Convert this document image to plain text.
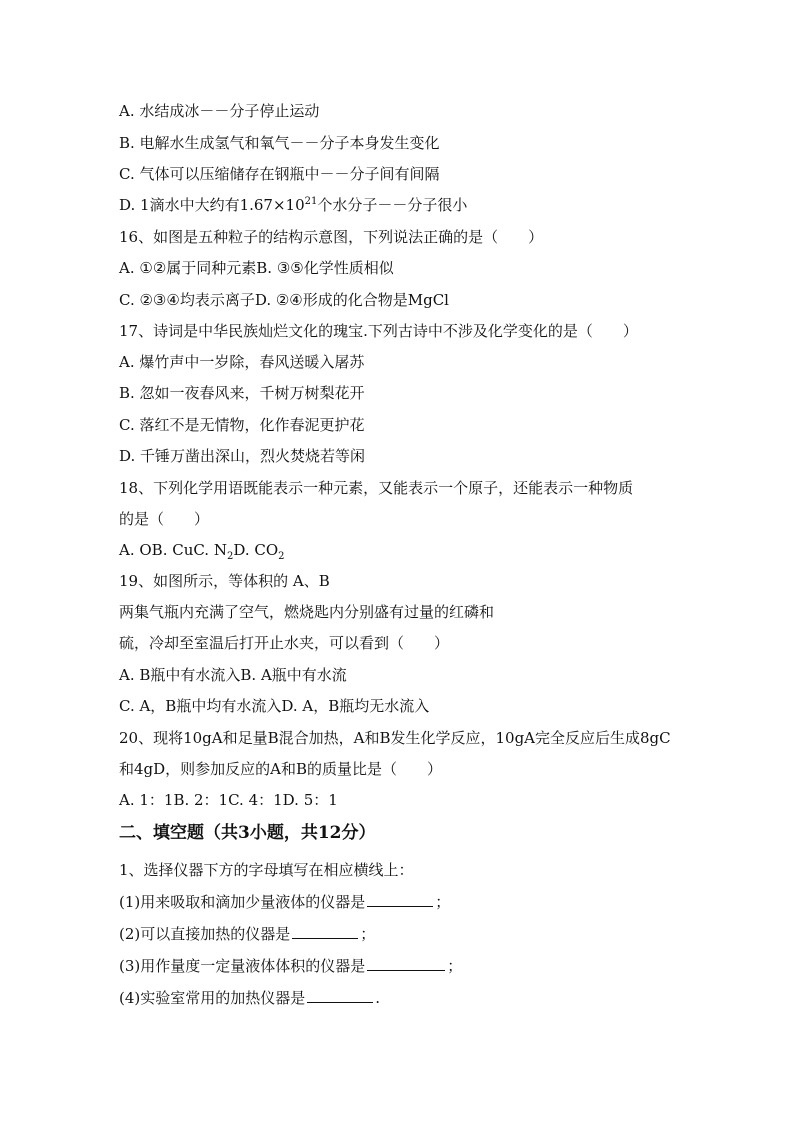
A. 水结成冰－－分子停止运动
B. 电解水生成氢气和氧气－－分子本身发生变化
C. 气体可以压缩储存在钢瓶中－－分子间有间隔
D. 1滴水中大约有$1.67\times 10^{21}$个水分子－－分子很小
16、如图是五种粒子的结构示意图，下列说法正确的是（　　）
A. ①②属于同种元素B. ③⑤化学性质相似
C. ②③④均表示离子D. ②④形成的化合物是MgCl
17、诗词是中华民族灿烂文化的瑰宝.下列古诗中不涉及化学变化的是（　　）
A. 爆竹声中一岁除，春风送暖入屠苏
B. 忽如一夜春风来，千树万树梨花开
C. 落红不是无情物，化作春泥更护花
D. 千锤万凿出深山，烈火焚烧若等闲
18、下列化学用语既能表示一种元素，又能表示一个原子，还能表示一种物质
的是（　　）
A. OB. CuC. $N_2D$. $CO_2$
19、如图所示，等体积的 A、B
两集气瓶内充满了空气，燃烧匙内分别盛有过量的红磷和
硫，冷却至室温后打开止水夹，可以看到（　　）
A. B瓶中有水流入B. A瓶中有水流
C. A，B瓶中均有水流入D. A，B瓶均无水流入
20、现将10gA和足量B混合加热，A和B发生化学反应，10gA完全反应后生成8gC
和4gD，则参加反应的A和B的质量比是（　　）
A. 1：1B. 2：1C. 4：1D. 5：1
二、填空题（共3小题，共12分）
1、选择仪器下方的字母填写在相应横线上：
(1)用来吸取和滴加少量液体的仪器是	；
(2)可以直接加热的仪器是	；
(3)用作量度一定量液体体积的仪器是	；
(4)实验室常用的加热仪器是	.
